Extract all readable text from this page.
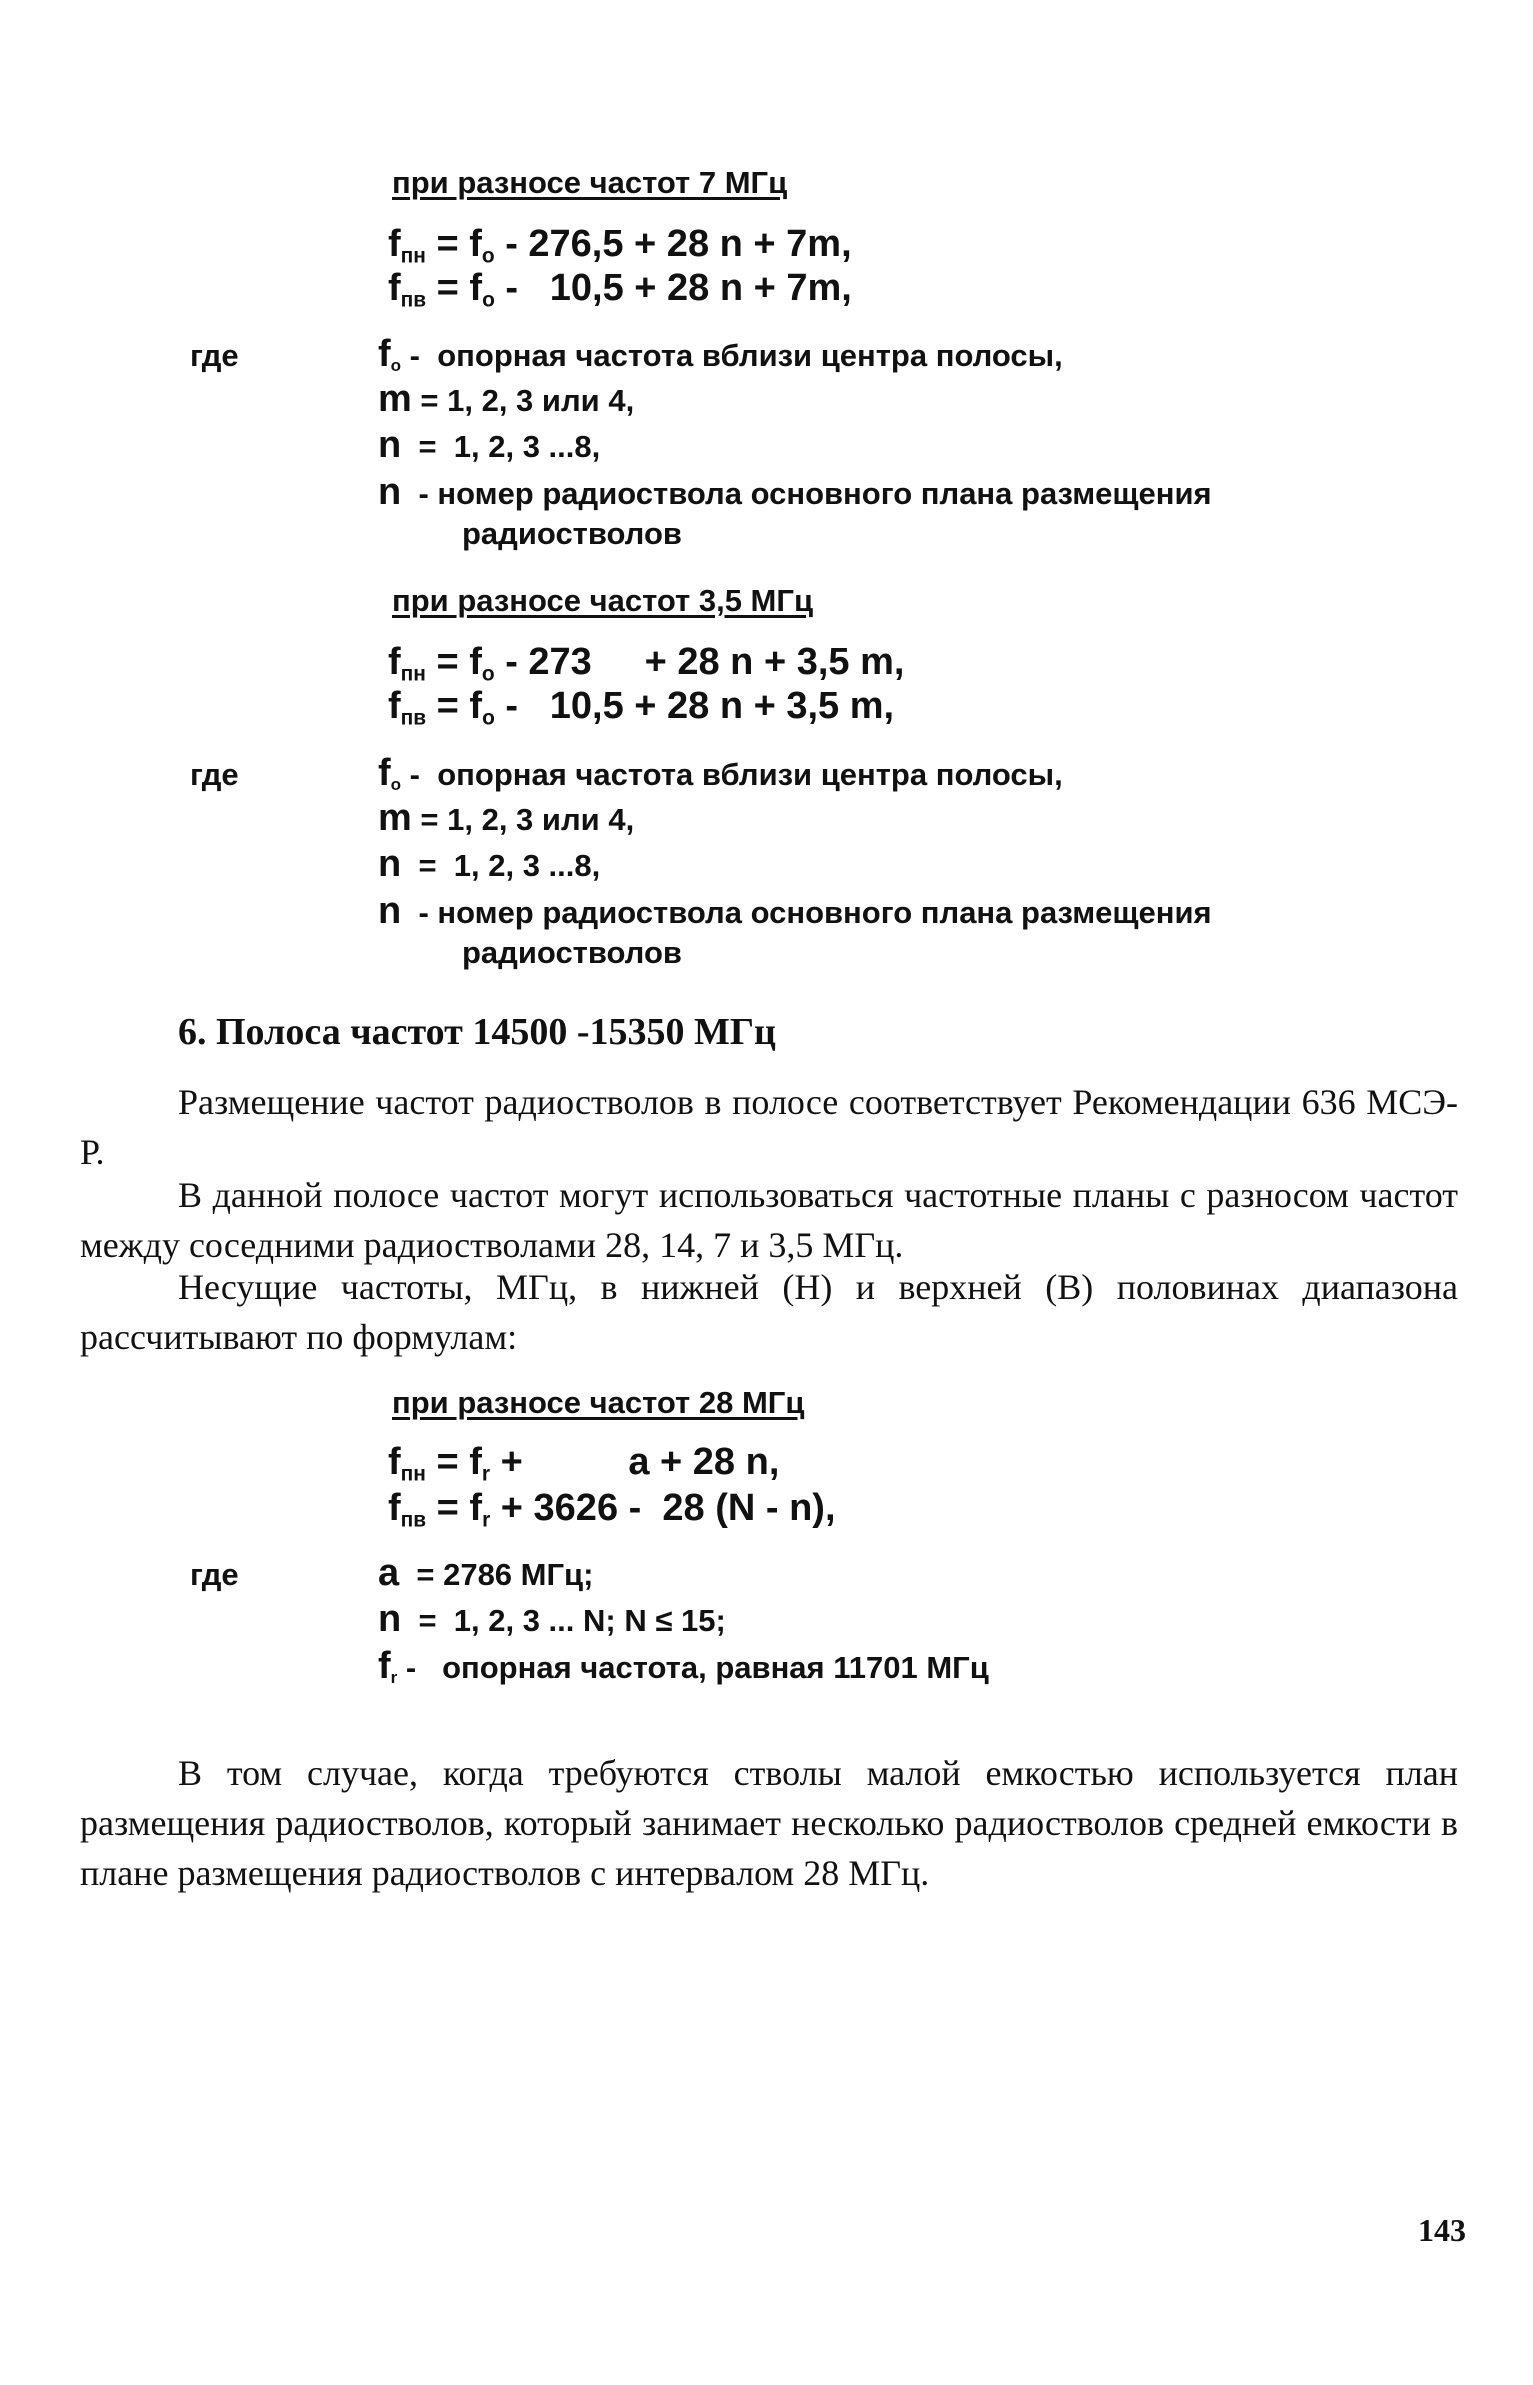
при разносе частот 7 МГц
$f_{пн} = f_o - 276,5 + 28$ n + 7m,
$f_{пв} = f_o - 10,5 + 28$ n + 7m,
где	$f_o$ -  опорная частота вблизи центра полосы,
m = 1, 2, 3 или 4,
n  =  1, 2, 3 ...8,
n  - номер радиоствола основного плана размещения
радиостволов
при разносе частот 3,5 МГц
$f_{пн} = f_o - 273$     + 28 n + 3,5 m,
$f_{пв} = f_o - 10,5 + 28$ n + 3,5 m,
где	$f_o$ -  опорная частота вблизи центра полосы,
m = 1, 2, 3 или 4,
n  =  1, 2, 3 ...8,
n  - номер радиоствола основного плана размещения
радиостволов
6. Полоса частот 14500 -15350 МГц
Размещение частот радиостволов в полосе соответствует Рекомендации 636 МСЭ-Р.
В данной полосе частот могут использоваться частотные планы с разносом частот между соседними радиостволами 28, 14, 7 и 3,5 МГц.
Несущие частоты, МГц, в нижней (Н) и верхней (В) половинах диапазона рассчитывают по формулам:
при разносе частот 28 МГц
$f_{пн} = f_r$ +          a + 28 n,
$f_{пв} = f_r + 3626 - 28$ (N - n),
где	a  = 2786 МГц;
n  =  1, 2, 3 ... N; N ≤ 15;
$f_r$ -   опорная частота, равная 11701 МГц
В том случае, когда требуются стволы малой емкостью используется план размещения радиостволов, который занимает несколько радиостволов средней емкости в плане размещения радиостволов с интервалом 28 МГц.
143
